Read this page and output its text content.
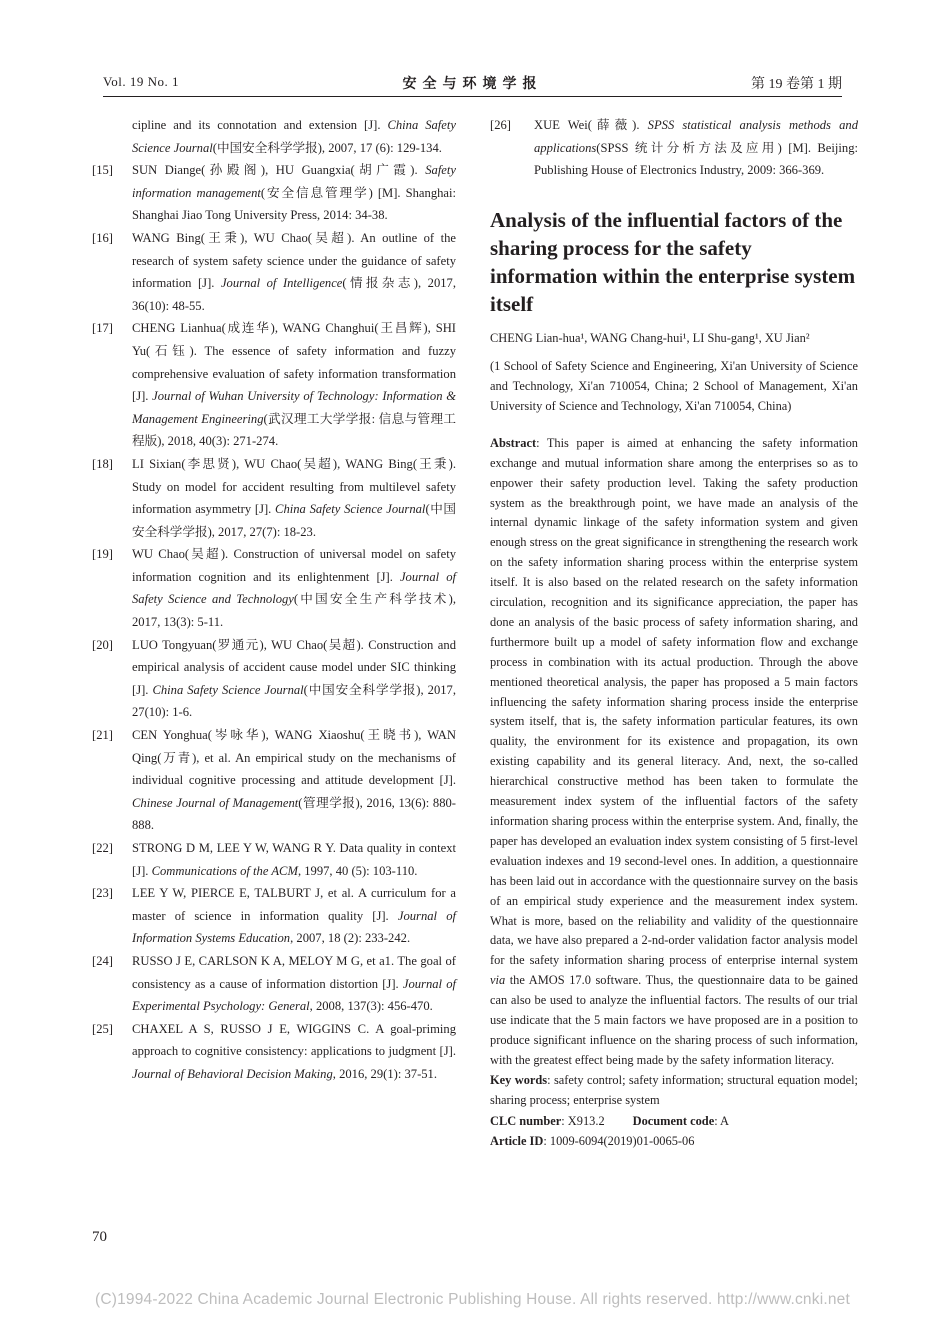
Vol. 19 No. 1	安全与环境学报	第 19 卷第 1 期
cipline and its connotation and extension [J]. China Safety Science Journal(中国安全科学学报), 2007, 17 (6): 129-134.
[15] SUN Diange(孙殿阁), HU Guangxia(胡广霞). Safety information management(安全信息管理学) [M]. Shanghai: Shanghai Jiao Tong University Press, 2014: 34-38.
[16] WANG Bing(王秉), WU Chao(吴超). An outline of the research of system safety science under the guidance of safety information [J]. Journal of Intelligence(情报杂志), 2017, 36(10): 48-55.
[17] CHENG Lianhua(成连华), WANG Changhui(王昌辉), SHI Yu(石钰). The essence of safety information and fuzzy comprehensive evaluation of safety information transformation [J]. Journal of Wuhan University of Technology: Information & Management Engineering(武汉理工大学学报: 信息与管理工程版), 2018, 40(3): 271-274.
[18] LI Sixian(李思贤), WU Chao(吴超), WANG Bing(王秉). Study on model for accident resulting from multilevel safety information asymmetry [J]. China Safety Science Journal(中国安全科学学报), 2017, 27(7): 18-23.
[19] WU Chao(吴超). Construction of universal model on safety information cognition and its enlightenment [J]. Journal of Safety Science and Technology(中国安全生产科学技术), 2017, 13(3): 5-11.
[20] LUO Tongyuan(罗通元), WU Chao(吴超). Construction and empirical analysis of accident cause model under SIC thinking [J]. China Safety Science Journal(中国安全科学学报), 2017, 27(10): 1-6.
[21] CEN Yonghua(岑咏华), WANG Xiaoshu(王晓书), WAN Qing(万青), et al. An empirical study on the mechanisms of individual cognitive processing and attitude development [J]. Chinese Journal of Management(管理学报), 2016, 13(6): 880-888.
[22] STRONG D M, LEE Y W, WANG R Y. Data quality in context [J]. Communications of the ACM, 1997, 40 (5): 103-110.
[23] LEE Y W, PIERCE E, TALBURT J, et al. A curriculum for a master of science in information quality [J]. Journal of Information Systems Education, 2007, 18 (2): 233-242.
[24] RUSSO J E, CARLSON K A, MELOY M G, et a1. The goal of consistency as a cause of information distortion [J]. Journal of Experimental Psychology: General, 2008, 137(3): 456-470.
[25] CHAXEL A S, RUSSO J E, WIGGINS C. A goal-priming approach to cognitive consistency: applications to judgment [J]. Journal of Behavioral Decision Making, 2016, 29(1): 37-51.
[26] XUE Wei(薛薇). SPSS statistical analysis methods and applications(SPSS 统计分析方法及应用) [M]. Beijing: Publishing House of Electronics Industry, 2009: 366-369.
Analysis of the influential factors of the sharing process for the safety information within the enterprise system itself
CHENG Lian-hua¹, WANG Chang-hui¹, LI Shu-gang¹, XU Jian²
(1 School of Safety Science and Engineering, Xi'an University of Science and Technology, Xi'an 710054, China; 2 School of Management, Xi'an University of Science and Technology, Xi'an 710054, China)
Abstract: This paper is aimed at enhancing the safety information exchange and mutual information share among the enterprises so as to enpower their safety production level. Taking the safety production system as the breakthrough point, we have made an analysis of the internal dynamic linkage of the safety information system and given enough stress on the great significance in strengthening the research work on the safety information sharing process within the enterprise system itself. It is also based on the related research on the safety information circulation, recognition and its significance appreciation, the paper has done an analysis of the basic process of safety information sharing, and furthermore built up a model of safety information flow and exchange process in combination with its actual production. Through the above mentioned theoretical analysis, the paper has proposed a 5 main factors influencing the safety information sharing process inside the enterprise system itself, that is, the safety information particular features, its own quality, the environment for its existence and propagation, its own existing capability and its general literacy. And, next, the so-called hierarchical constructive method has been taken to formulate the measurement index system of the influential factors of the safety information sharing process within the enterprise system. And, finally, the paper has developed an evaluation index system consisting of 5 first-level evaluation indexes and 19 second-level ones. In addition, a questionnaire has been laid out in accordance with the questionnaire survey on the basis of an empirical study experience and the measurement index system. What is more, based on the reliability and validity of the questionnaire data, we have also prepared a 2-nd-order validation factor analysis model for the safety information sharing process of enterprise internal system via the AMOS 17.0 software. Thus, the questionnaire data to be gained can also be used to analyze the influential factors. The results of our trial use indicate that the 5 main factors we have proposed are in a position to produce significant influence on the sharing process of such information, with the greatest effect being made by the safety information literacy.
Key words: safety control; safety information; structural equation model; sharing process; enterprise system
CLC number: X913.2 Document code: A
Article ID: 1009-6094(2019)01-0065-06
70
(C)1994-2022 China Academic Journal Electronic Publishing House. All rights reserved. http://www.cnki.net
